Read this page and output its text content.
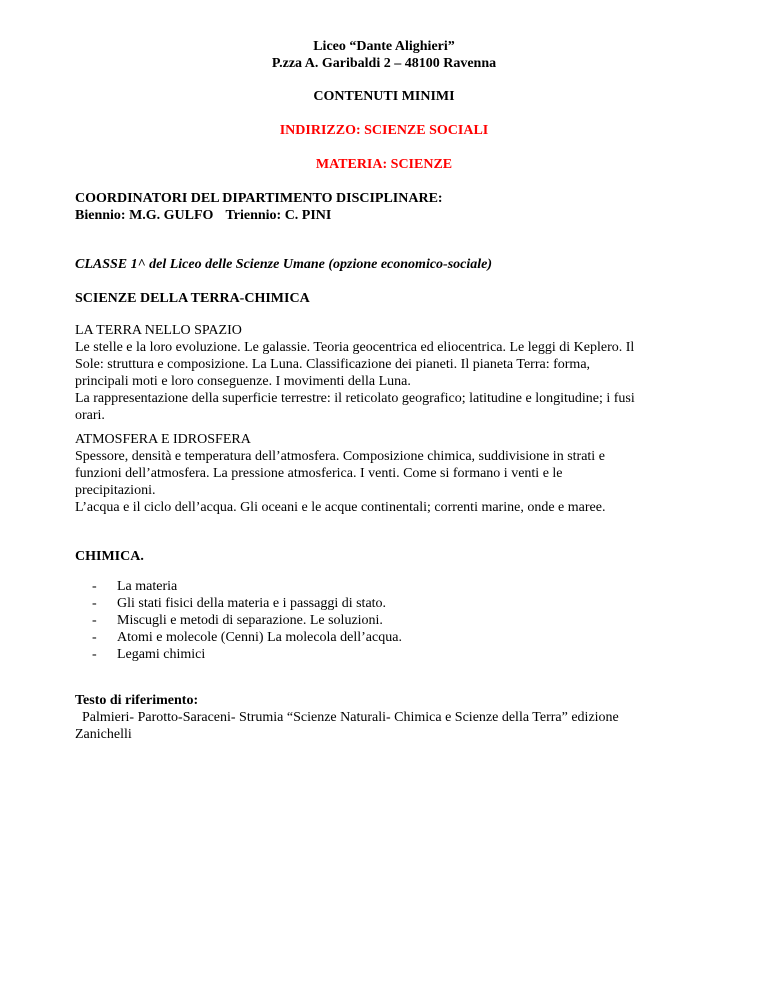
Liceo “Dante Alighieri”
P.zza A. Garibaldi 2 – 48100 Ravenna
CONTENUTI MINIMI
INDIRIZZO: SCIENZE SOCIALI
MATERIA: SCIENZE
COORDINATORI DEL DIPARTIMENTO DISCIPLINARE:
Biennio: M.G. GULFO Triennio: C. PINI
CLASSE 1^ del Liceo delle Scienze Umane (opzione economico-sociale)
SCIENZE DELLA TERRA-CHIMICA
LA TERRA NELLO SPAZIO
Le stelle e la loro evoluzione. Le galassie. Teoria geocentrica ed eliocentrica. Le leggi di Keplero. Il
Sole: struttura e composizione. La Luna. Classificazione dei pianeti. Il pianeta Terra: forma,
principali moti e loro conseguenze. I movimenti della Luna.
La rappresentazione della superficie terrestre: il reticolato geografico; latitudine e longitudine; i fusi
orari.
ATMOSFERA E IDROSFERA
Spessore, densità e temperatura dell’atmosfera. Composizione chimica, suddivisione in strati e
funzioni dell’atmosfera. La pressione atmosferica. I venti. Come si formano i venti e le
precipitazioni.
L’acqua e il ciclo dell’acqua. Gli oceani e le acque continentali; correnti marine, onde e maree.
CHIMICA.
- La materia
- Gli stati fisici della materia e i passaggi di stato.
- Miscugli e metodi di separazione. Le soluzioni.
- Atomi e molecole (Cenni) La molecola dell’acqua.
- Legami chimici
Testo di riferimento:
Palmieri- Parotto-Saraceni- Strumia “Scienze Naturali- Chimica e Scienze della Terra” edizione
Zanichelli
